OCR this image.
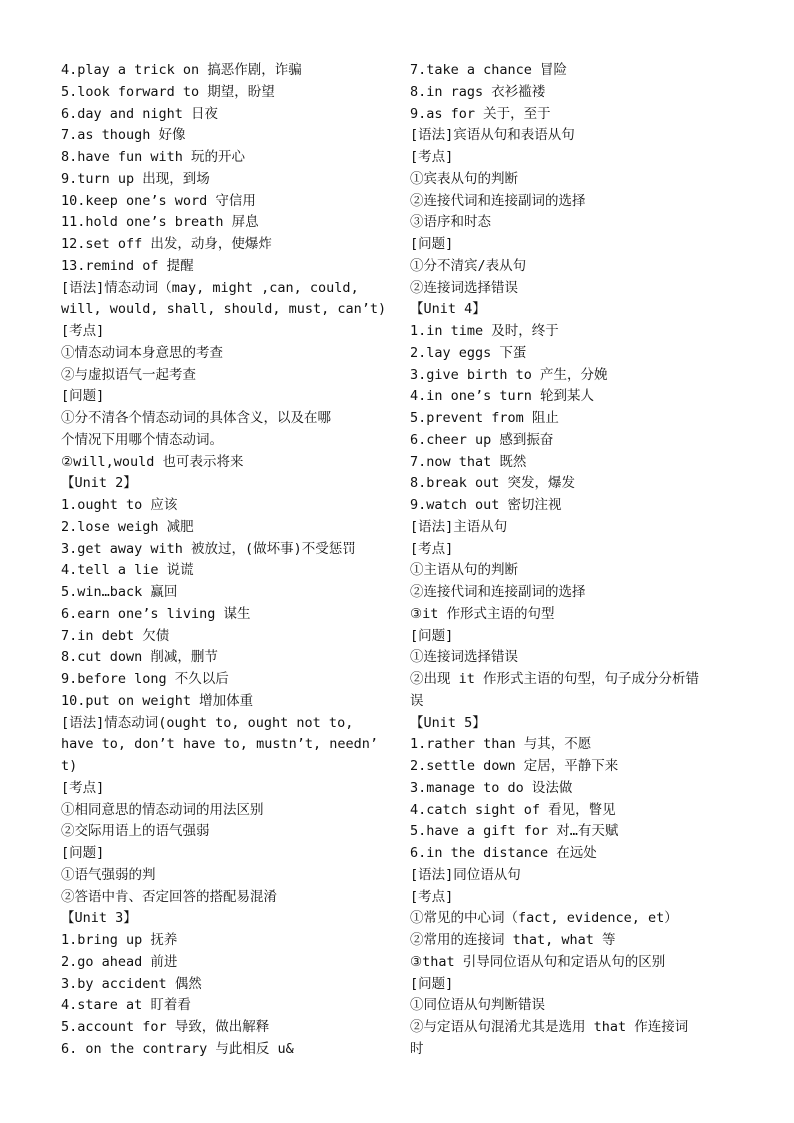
4.play a trick on 搞恶作剧，诈骗
5.look forward to 期望，盼望
6.day and night 日夜
7.as though 好像
8.have fun with 玩的开心
9.turn up 出现，到场
10.keep one’s word 守信用
11.hold one’s breath 屏息
12.set off 出发，动身，使爆炸
13.remind of 提醒
[语法]情态动词（may, might ,can, could,
will, would, shall, should, must, can’t)
[考点]
①情态动词本身意思的考查
②与虚拟语气一起考查
[问题]
①分不清各个情态动词的具体含义，以及在哪
个情况下用哪个情态动词。
②will,would 也可表示将来
【Unit 2】
1.ought to 应该
2.lose weigh 减肥
3.get away with 被放过，(做坏事)不受惩罚
4.tell a lie 说谎
5.win…back 赢回
6.earn one’s living 谋生
7.in debt 欠债
8.cut down 削减，删节
9.before long 不久以后
10.put on weight 增加体重
[语法]情态动词(ought to, ought not to,
have to, don’t have to, mustn’t, needn’
t)
[考点]
①相同意思的情态动词的用法区别
②交际用语上的语气强弱
[问题]
①语气强弱的判
②答语中肯、否定回答的搭配易混淆
【Unit 3】
1.bring up 抚养
2.go ahead 前进
3.by accident 偶然
4.stare at 盯着看
5.account for 导致，做出解释
6. on the contrary 与此相反 u&
7.take a chance 冒险
8.in rags 衣衫褴褛
9.as for 关于，至于
[语法]宾语从句和表语从句
[考点]
①宾表从句的判断
②连接代词和连接副词的选择
③语序和时态
[问题]
①分不清宾/表从句
②连接词选择错误
【Unit 4】
1.in time 及时，终于
2.lay eggs 下蛋
3.give birth to 产生，分娩
4.in one’s turn 轮到某人
5.prevent from 阻止
6.cheer up 感到振奋
7.now that 既然
8.break out 突发，爆发
9.watch out 密切注视
[语法]主语从句
[考点]
①主语从句的判断
②连接代词和连接副词的选择
③it 作形式主语的句型
[问题]
①连接词选择错误
②出现 it 作形式主语的句型，句子成分分析错
误
【Unit 5】
1.rather than 与其，不愿
2.settle down 定居，平静下来
3.manage to do 设法做
4.catch sight of 看见，瞥见
5.have a gift for 对…有天赋
6.in the distance 在远处
[语法]同位语从句
[考点]
①常见的中心词（fact, evidence, et）
②常用的连接词 that, what 等
③that 引导同位语从句和定语从句的区别
[问题]
①同位语从句判断错误
②与定语从句混淆尤其是选用 that 作连接词
时
